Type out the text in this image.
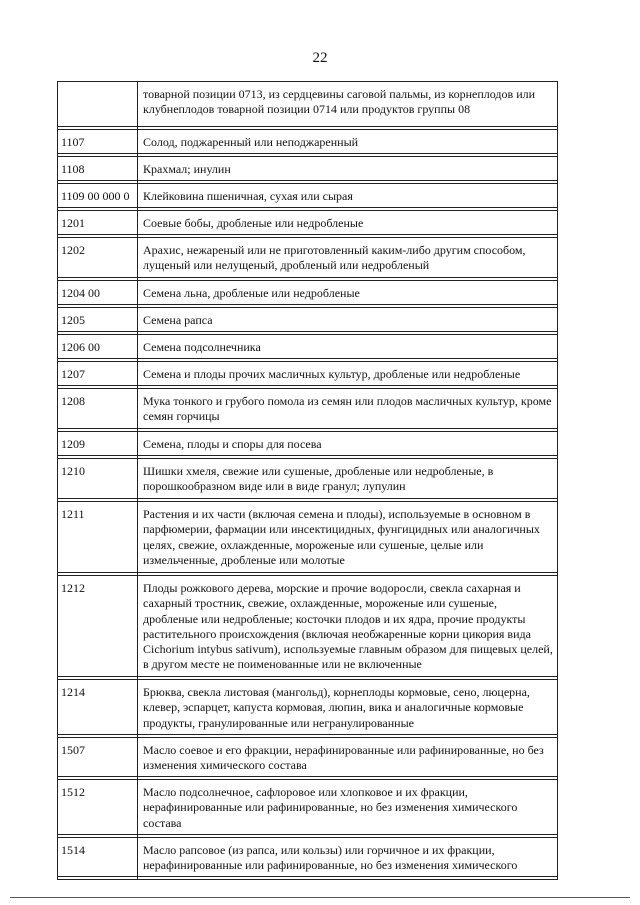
22
	товарной позиции 0713, из сердцевины саговой пальмы, из корнеплодов или клубнеплодов товарной позиции 0714 или продуктов группы 08
1107	Солод, поджаренный или неподжаренный
1108	Крахмал; инулин
1109 00 000 0	Клейковина пшеничная, сухая или сырая
1201	Соевые бобы, дробленые или недробленые
1202	Арахис, нежареный или не приготовленный каким-либо другим способом, лущеный или нелущеный, дробленый или недробленый
1204 00	Семена льна, дробленые или недробленые
1205	Семена рапса
1206 00	Семена подсолнечника
1207	Семена и плоды прочих масличных культур, дробленые или недробленые
1208	Мука тонкого и грубого помола из семян или плодов масличных культур, кроме семян горчицы
1209	Семена, плоды и споры для посева
1210	Шишки хмеля, свежие или сушеные, дробленые или недробленые, в порошкообразном виде или в виде гранул; лупулин
1211	Растения и их части (включая семена и плоды), используемые в основном в парфюмерии, фармации или инсектицидных, фунгицидных или аналогичных целях, свежие, охлажденные, мороженые или сушеные, целые или измельченные, дробленые или молотые
1212	Плоды рожкового дерева, морские и прочие водоросли, свекла сахарная и сахарный тростник, свежие, охлажденные, мороженые или сушеные, дробленые или недробленые; косточки плодов и их ядра, прочие продукты растительного происхождения (включая необжаренные корни цикория вида Cichorium intybus sativum), используемые главным образом для пищевых целей, в другом месте не поименованные или не включенные
1214	Брюква, свекла листовая (мангольд), корнеплоды кормовые, сено, люцерна, клевер, эспарцет, капуста кормовая, люпин, вика и аналогичные кормовые продукты, гранулированные или негранулированные
1507	Масло соевое и его фракции, нерафинированные или рафинированные, но без изменения химического состава
1512	Масло подсолнечное, сафлоровое или хлопковое и их фракции, нерафинированные или рафинированные, но без изменения химического состава
1514	Масло рапсовое (из рапса, или кользы) или горчичное и их фракции, нерафинированные или рафинированные, но без изменения химического
